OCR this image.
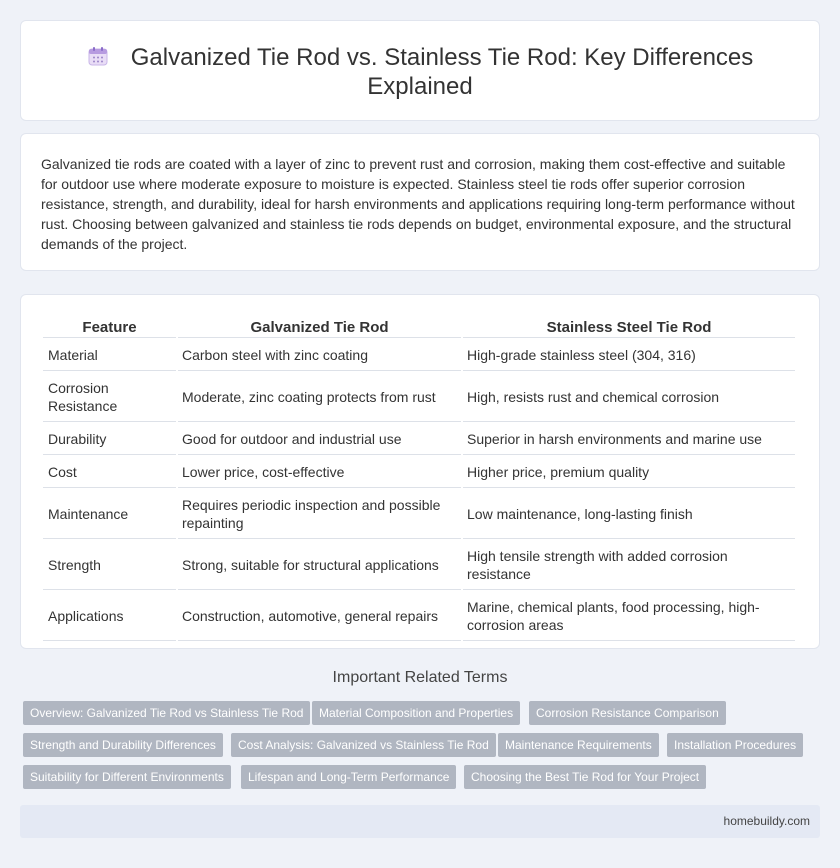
Galvanized Tie Rod vs. Stainless Tie Rod: Key Differences Explained

Galvanized tie rods are coated with a layer of zinc to prevent rust and corrosion, making them cost-effective and suitable for outdoor use where moderate exposure to moisture is expected. Stainless steel tie rods offer superior corrosion resistance, strength, and durability, ideal for harsh environments and applications requiring long-term performance without rust. Choosing between galvanized and stainless tie rods depends on budget, environmental exposure, and the structural demands of the project.

Feature	Galvanized Tie Rod	Stainless Steel Tie Rod
Material	Carbon steel with zinc coating	High-grade stainless steel (304, 316)
Corrosion Resistance	Moderate, zinc coating protects from rust	High, resists rust and chemical corrosion
Durability	Good for outdoor and industrial use	Superior in harsh environments and marine use
Cost	Lower price, cost-effective	Higher price, premium quality
Maintenance	Requires periodic inspection and possible repainting	Low maintenance, long-lasting finish
Strength	Strong, suitable for structural applications	High tensile strength with added corrosion resistance
Applications	Construction, automotive, general repairs	Marine, chemical plants, food processing, high-corrosion areas
Important Related Terms
Overview: Galvanized Tie Rod vs Stainless Tie Rod	Material Composition and Properties	Corrosion Resistance Comparison
Strength and Durability Differences	Cost Analysis: Galvanized vs Stainless Tie Rod	Maintenance Requirements	Installation Procedures
Suitability for Different Environments	Lifespan and Long-Term Performance	Choosing the Best Tie Rod for Your Project
homebuildy.com
